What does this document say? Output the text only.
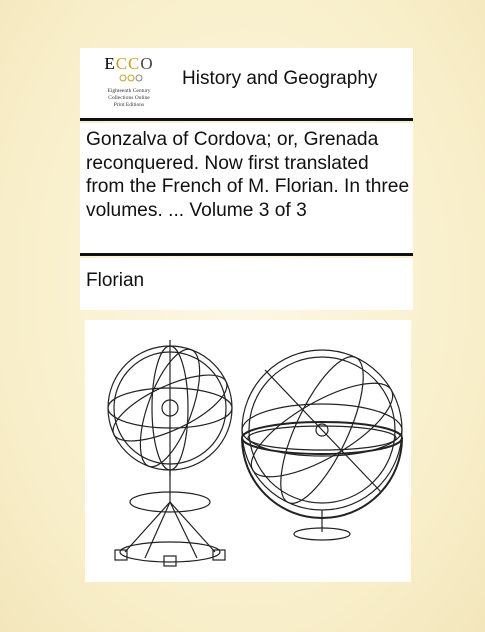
ECCO
Eighteenth Century
Collections Online
Print Editions
History and Geography
Gonzalva of Cordova; or, Grenada reconquered. Now first translated from the French of M. Florian. In three volumes. ... Volume 3 of 3
Florian
